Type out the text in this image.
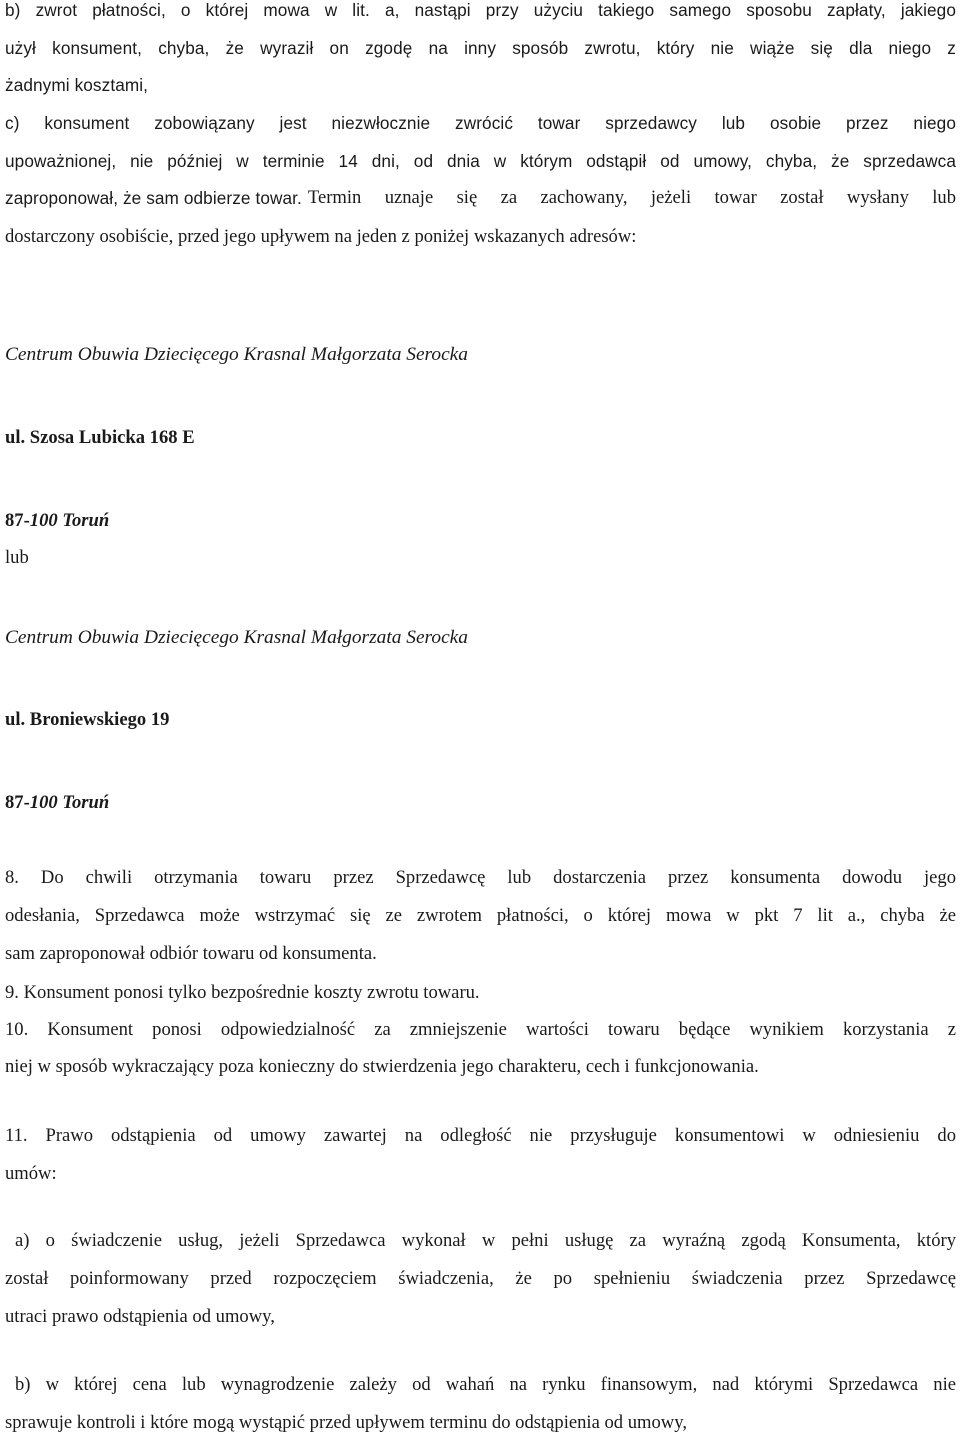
b) zwrot płatności, o której mowa w lit. a, nastąpi przy użyciu takiego samego sposobu zapłaty, jakiego
użył konsument, chyba, że wyraził on zgodę na inny sposób zwrotu, który nie wiąże się dla niego z
żadnymi kosztami,
c) konsument zobowiązany jest niezwłocznie zwrócić towar sprzedawcy lub osobie przez niego
upoważnionej, nie później w terminie 14 dni, od dnia w którym odstąpił od umowy, chyba, że sprzedawca
zaproponował, że sam odbierze towar. Termin uznaje się za zachowany, jeżeli towar został wysłany lub
dostarczony osobiście, przed jego upływem na jeden z poniżej wskazanych adresów:
Centrum Obuwia Dziecięcego Krasnal Małgorzata Serocka
ul. Szosa Lubicka 168 E
87-100 Toruń
lub
Centrum Obuwia Dziecięcego Krasnal Małgorzata Serocka
ul. Broniewskiego 19
87-100 Toruń
8. Do chwili otrzymania towaru przez Sprzedawcę lub dostarczenia przez konsumenta dowodu jego
odesłania, Sprzedawca może wstrzymać się ze zwrotem płatności, o której mowa w pkt 7 lit a., chyba że
sam zaproponował odbiór towaru od konsumenta.
9. Konsument ponosi tylko bezpośrednie koszty zwrotu towaru.
10. Konsument ponosi odpowiedzialność za zmniejszenie wartości towaru będące wynikiem korzystania z
niej w sposób wykraczający poza konieczny do stwierdzenia jego charakteru, cech i funkcjonowania.
11. Prawo odstąpienia od umowy zawartej na odległość nie przysługuje konsumentowi w odniesieniu do
umów:
a) o świadczenie usług, jeżeli Sprzedawca wykonał w pełni usługę za wyraźną zgodą Konsumenta, który
został poinformowany przed rozpoczęciem świadczenia, że po spełnieniu świadczenia przez Sprzedawcę
utraci prawo odstąpienia od umowy,
b) w której cena lub wynagrodzenie zależy od wahań na rynku finansowym, nad którymi Sprzedawca nie
sprawuje kontroli i które mogą wystąpić przed upływem terminu do odstąpienia od umowy,
